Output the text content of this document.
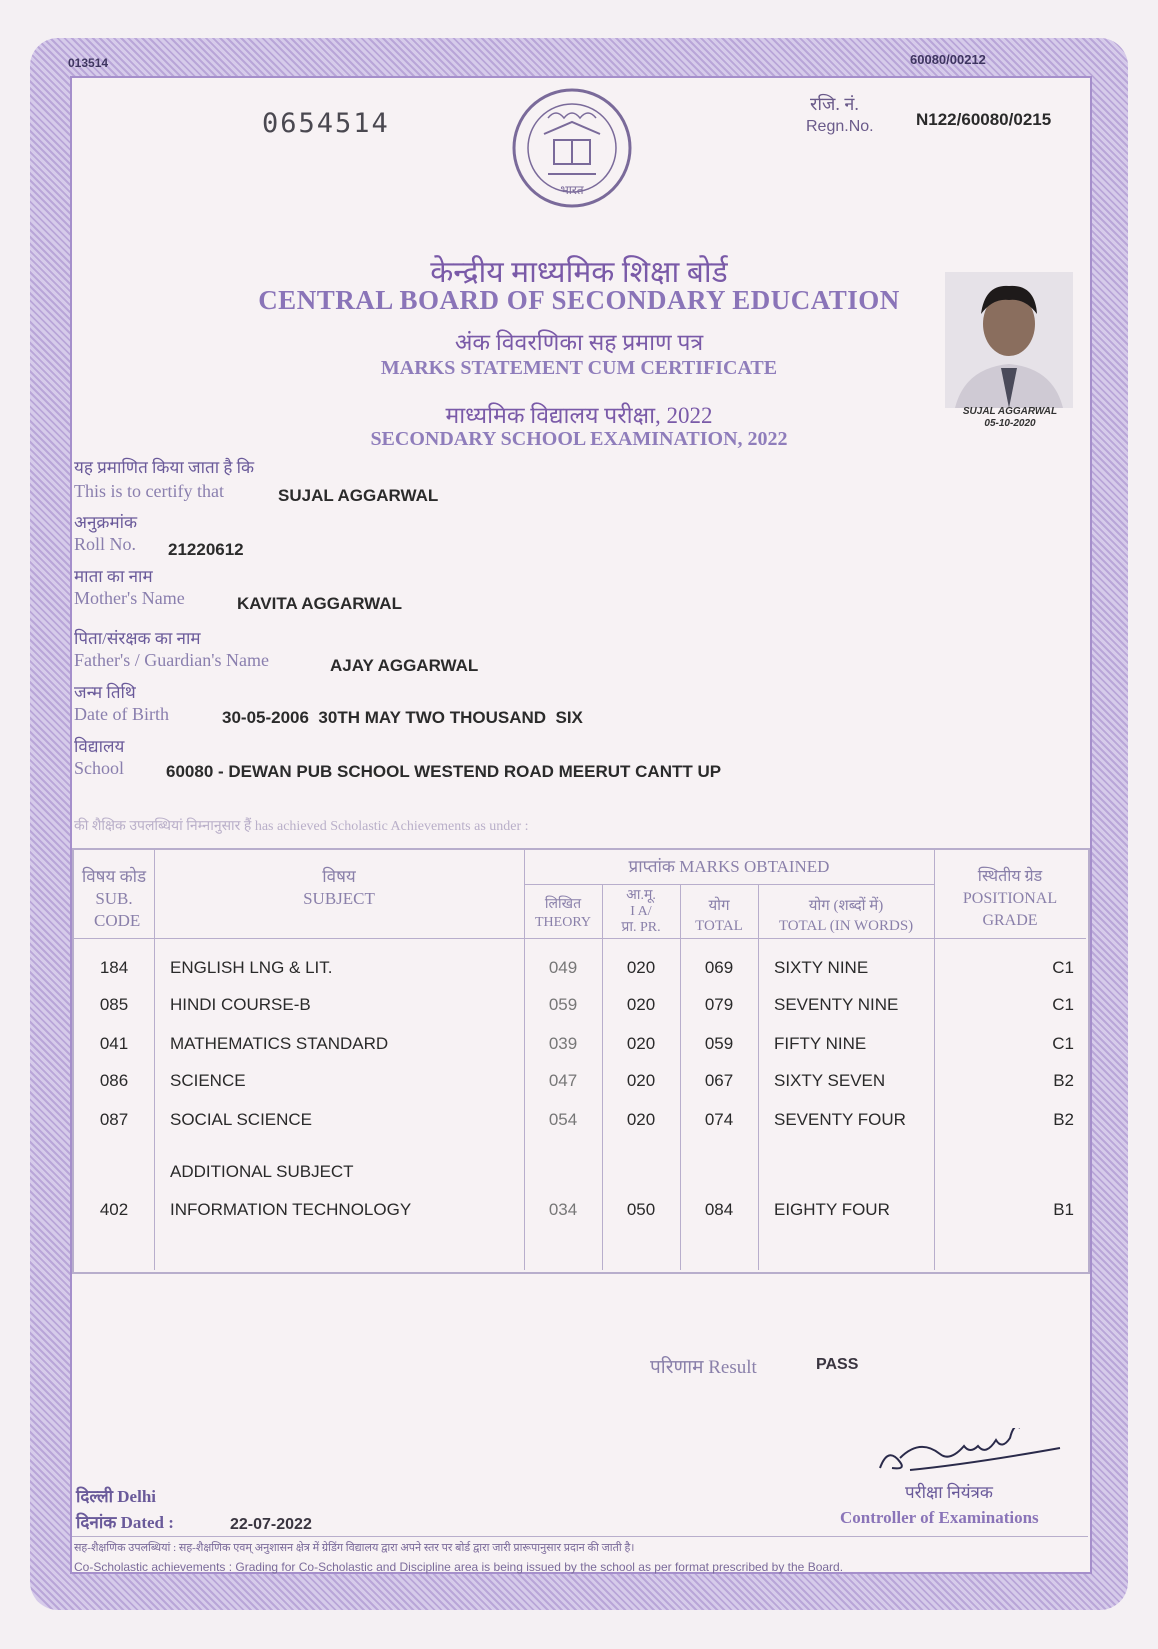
013514	60080/00212
0654514
रजि. नं.
Regn.No. N122/60080/0215
भारत
केन्द्रीय माध्यमिक शिक्षा बोर्ड
CENTRAL BOARD OF SECONDARY EDUCATION
अंक विवरणिका सह प्रमाण पत्र
MARKS STATEMENT CUM CERTIFICATE
माध्यमिक विद्यालय परीक्षा, 2022
SECONDARY SCHOOL EXAMINATION, 2022
SUJAL AGGARWAL
05-10-2020
यह प्रमाणित किया जाता है कि
This is to certify that	SUJAL AGGARWAL
अनुक्रमांक
Roll No. 21220612
माता का नाम
Mother's Name	KAVITA AGGARWAL
पिता/संरक्षक का नाम
Father's / Guardian's Name	AJAY AGGARWAL
जन्म तिथि
Date of Birth	30-05-2006  30TH MAY TWO THOUSAND  SIX
विद्यालय
School 60080 - DEWAN PUB SCHOOL WESTEND ROAD MEERUT CANTT UP
की शैक्षिक उपलब्धियां निम्नानुसार हैं has achieved Scholastic Achievements as under :
विषय कोड
SUB. CODE
विषय
SUBJECT
प्राप्तांक MARKS OBTAINED
लिखित
THEORY
आ.मू.
I A/
प्रा. PR.
योग
TOTAL
योग (शब्दों में)
TOTAL (IN WORDS)
स्थितीय ग्रेड
POSITIONAL GRADE
184	ENGLISH LNG & LIT.	049	020	069	SIXTY NINE	C1
085	HINDI COURSE-B	059	020	079	SEVENTY NINE	C1
041	MATHEMATICS STANDARD	039	020	059	FIFTY NINE	C1
086	SCIENCE	047	020	067	SIXTY SEVEN	B2
087	SOCIAL SCIENCE	054	020	074	SEVENTY FOUR	B2
ADDITIONAL SUBJECT
402	INFORMATION TECHNOLOGY	034	050	084	EIGHTY FOUR	B1
परिणाम Result	PASS
दिल्ली Delhi
दिनांक Dated :	22-07-2022
परीक्षा नियंत्रक
Controller of Examinations
सह-शैक्षणिक उपलब्धियां : सह-शैक्षणिक एवम् अनुशासन क्षेत्र में ग्रेडिंग विद्यालय द्वारा अपने स्तर पर बोर्ड द्वारा जारी प्रारूपानुसार प्रदान की जाती है।
Co-Scholastic achievements : Grading for Co-Scholastic and Discipline area is being issued by the school as per format prescribed by the Board.
